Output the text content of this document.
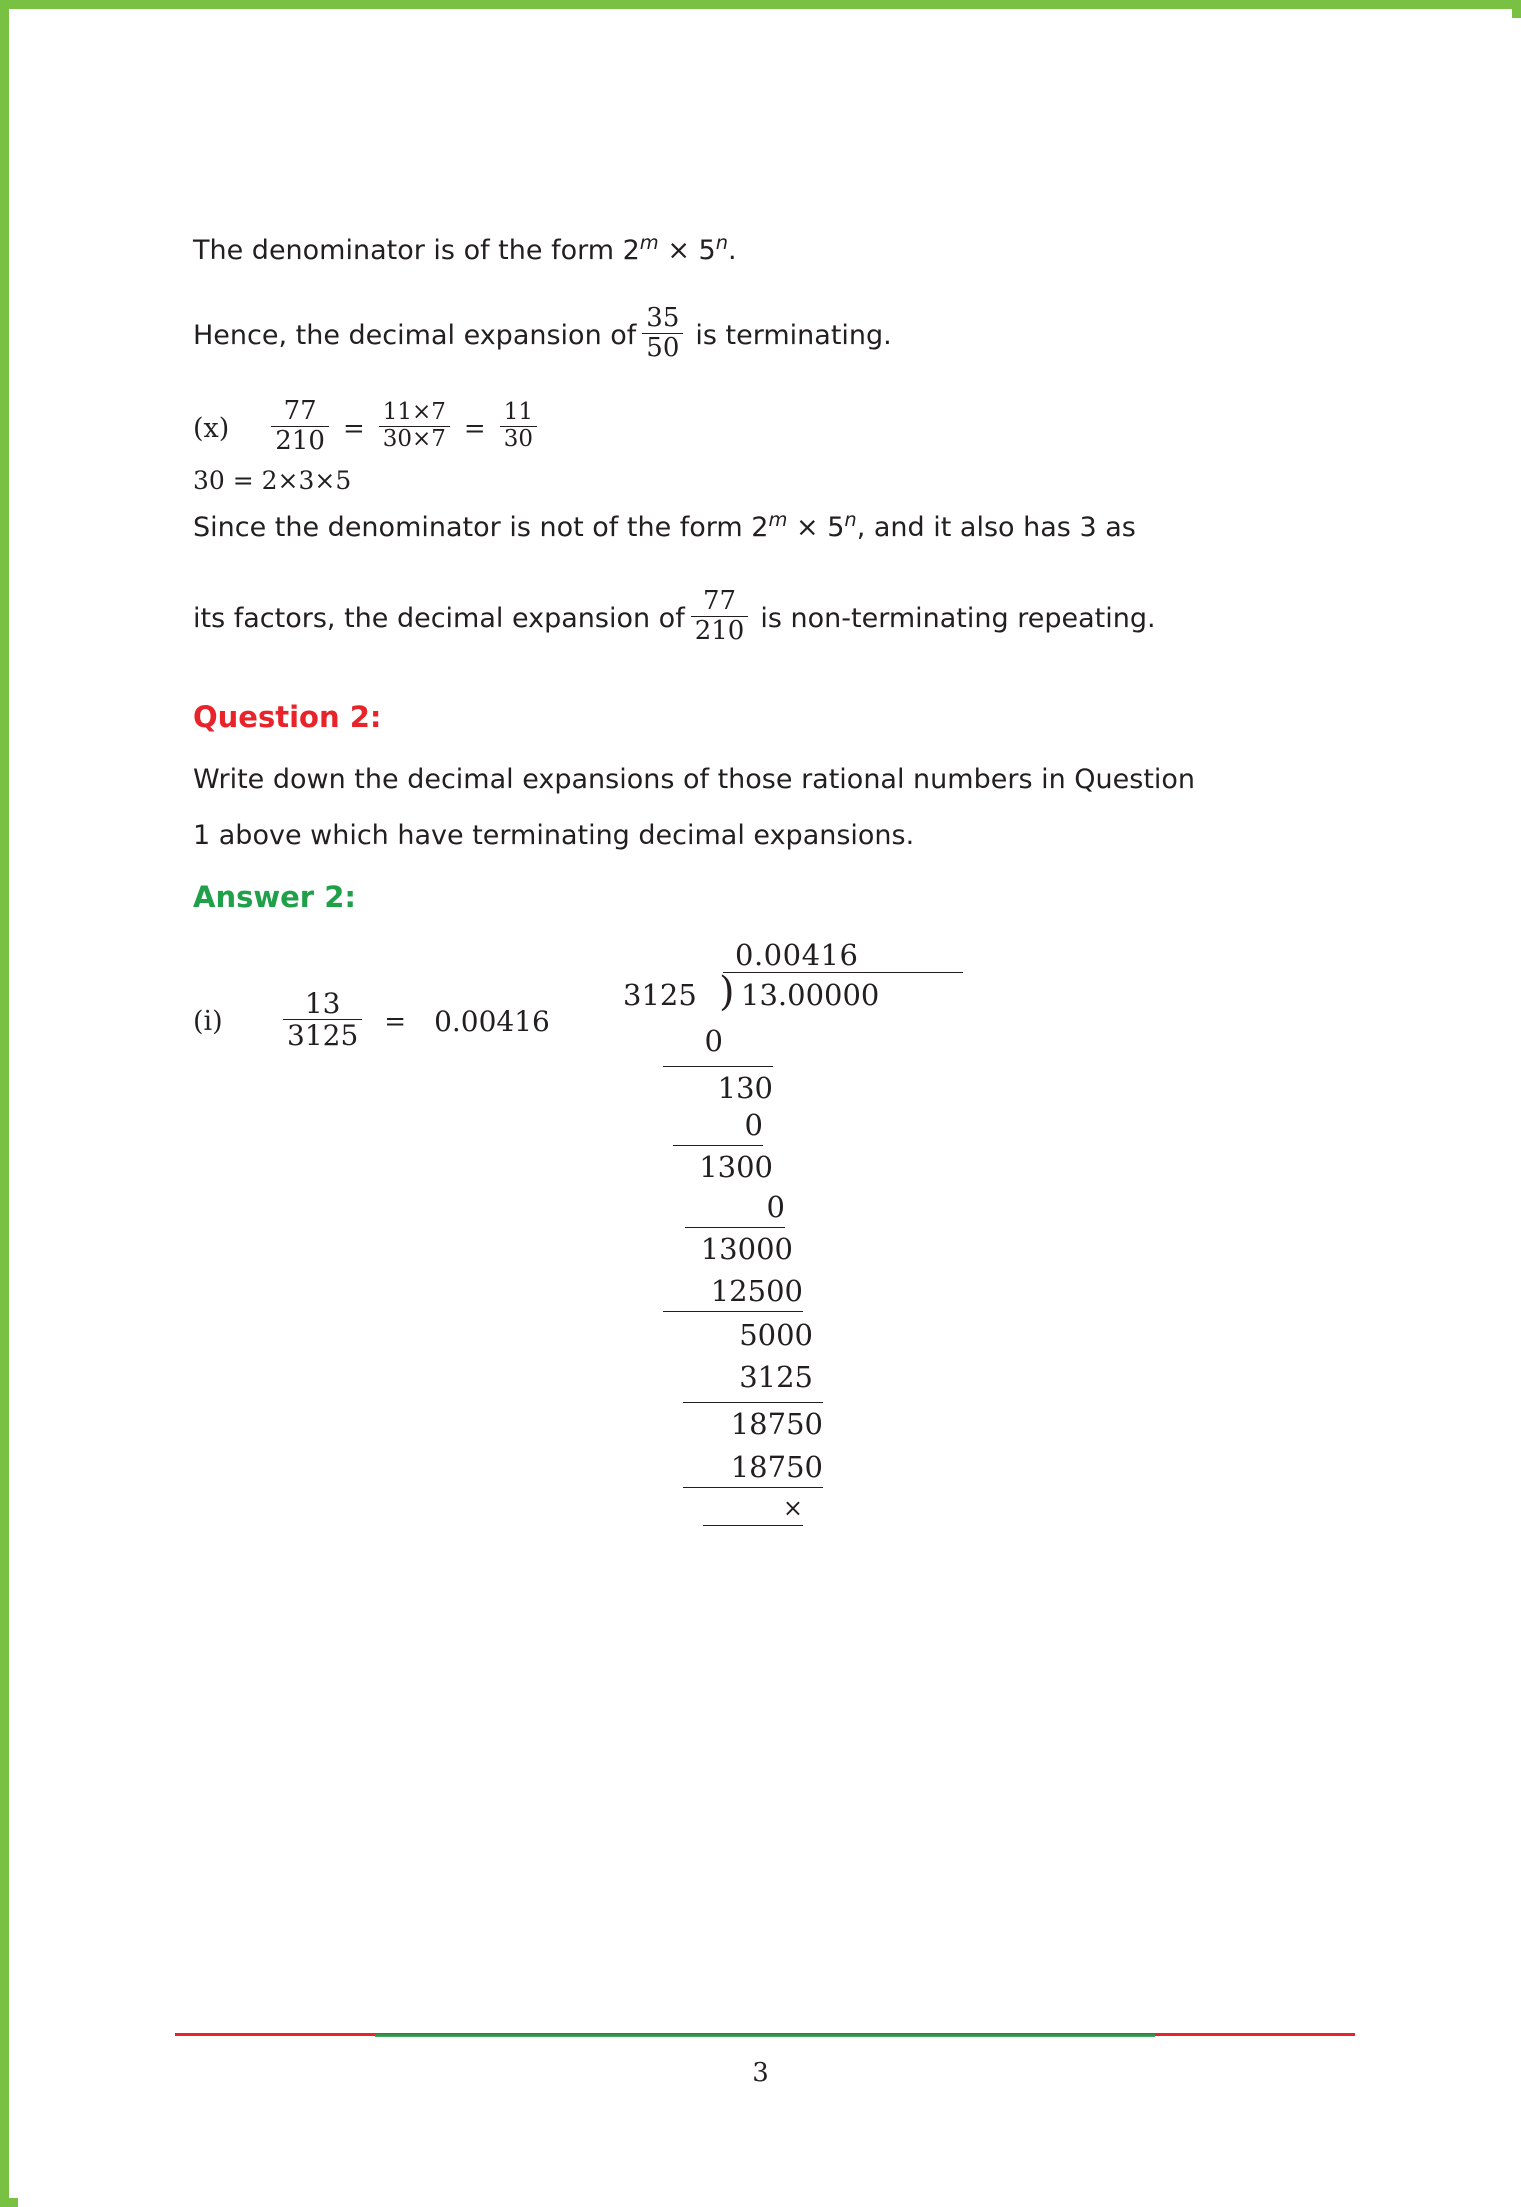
The denominator is of the form $2^m \times 5^n$.

Hence, the decimal expansion of $\frac{35}{50}$ is terminating.
$(x) \frac{77}{210} = \frac{11\times 7}{30\times 7} = \frac{11}{30}$
30 = 2×3×5

Since the denominator is not of the form $2^m \times 5^n$, and it also has 3 as

its factors, the decimal expansion of $\frac{77}{210}$ is non-terminating repeating.
Question 2:
Write down the decimal expansions of those rational numbers in Question
1 above which have terminating decimal expansions.
Answer 2:
(i)	$\frac{13}{3125} = 0.00416$
0.00416
3125 ) 13.00000
0
130
0
1300
0
13000
12500
5000
3125
18750
18750
×
3
